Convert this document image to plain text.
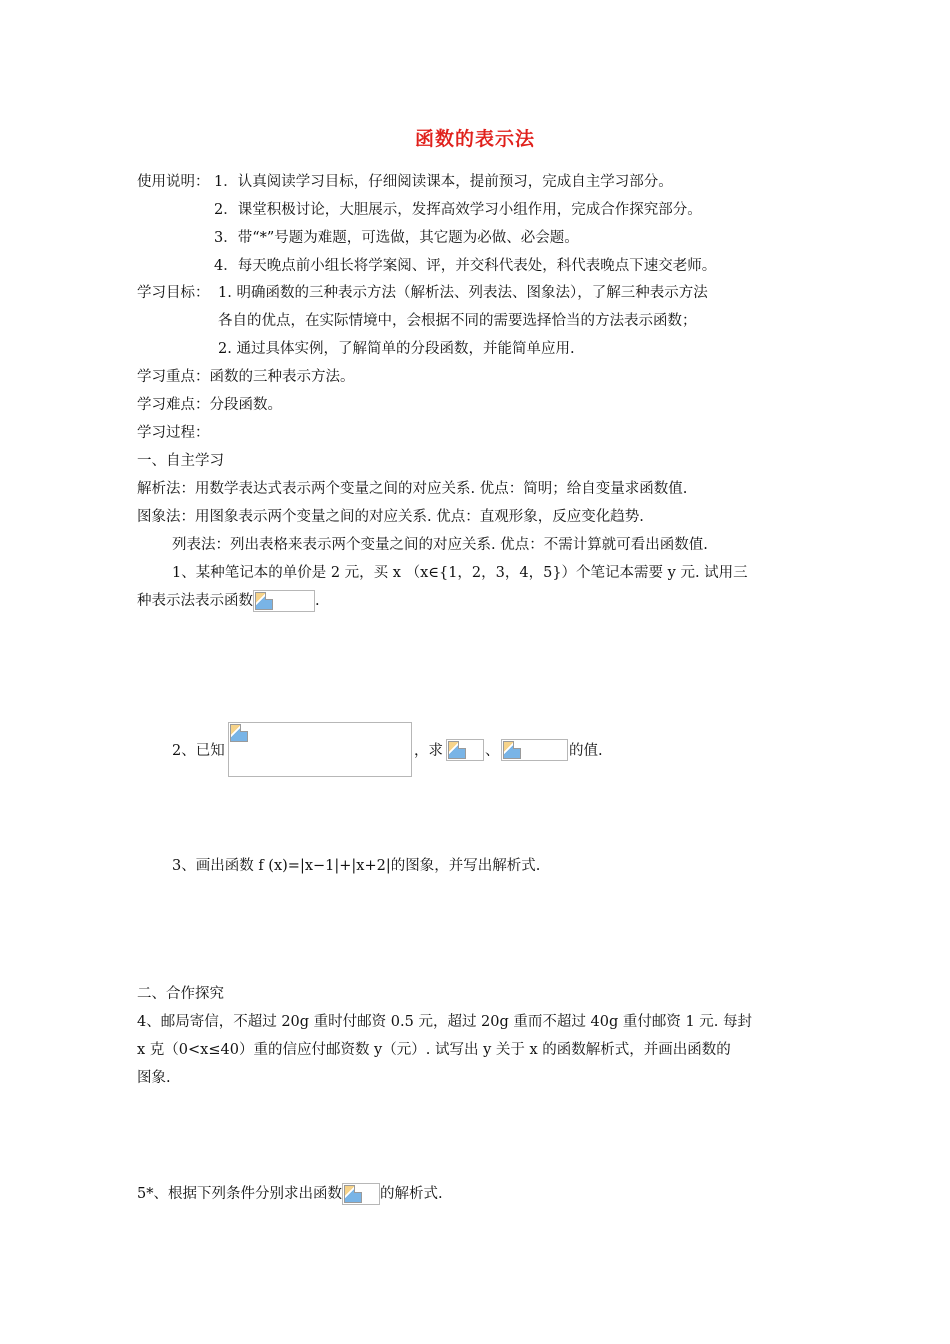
函数的表示法
使用说明： 1．认真阅读学习目标，仔细阅读课本，提前预习，完成自主学习部分。
2．课堂积极讨论，大胆展示，发挥高效学习小组作用，完成合作探究部分。
3．带“*”号题为难题，可选做，其它题为必做、必会题。
4．每天晚点前小组长将学案阅、评，并交科代表处，科代表晚点下速交老师。
学习目标： 1. 明确函数的三种表示方法（解析法、列表法、图象法），了解三种表示方法
各自的优点，在实际情境中，会根据不同的需要选择恰当的方法表示函数；
2. 通过具体实例，了解简单的分段函数，并能简单应用.
学习重点：函数的三种表示方法。
学习难点：分段函数。
学习过程：
一、自主学习
解析法：用数学表达式表示两个变量之间的对应关系. 优点：简明；给自变量求函数值.
图象法：用图象表示两个变量之间的对应关系. 优点：直观形象，反应变化趋势.
列表法：列出表格来表示两个变量之间的对应关系. 优点：不需计算就可看出函数值.
1、某种笔记本的单价是 2 元，买 x （x∈{1，2，3，4，5}）个笔记本需要 y 元. 试用三
种表示法表示函数	.
2、已知	，求	、	的值.
3、画出函数 f (x)=|x−1|+|x+2|的图象，并写出解析式.
二、合作探究
4、邮局寄信，不超过 20g 重时付邮资 0.5 元，超过 20g 重而不超过 40g 重付邮资 1 元. 每封
x 克（0<x≤40）重的信应付邮资数 y（元）. 试写出 y 关于 x 的函数解析式，并画出函数的
图象.
5*、根据下列条件分别求出函数	的解析式.
